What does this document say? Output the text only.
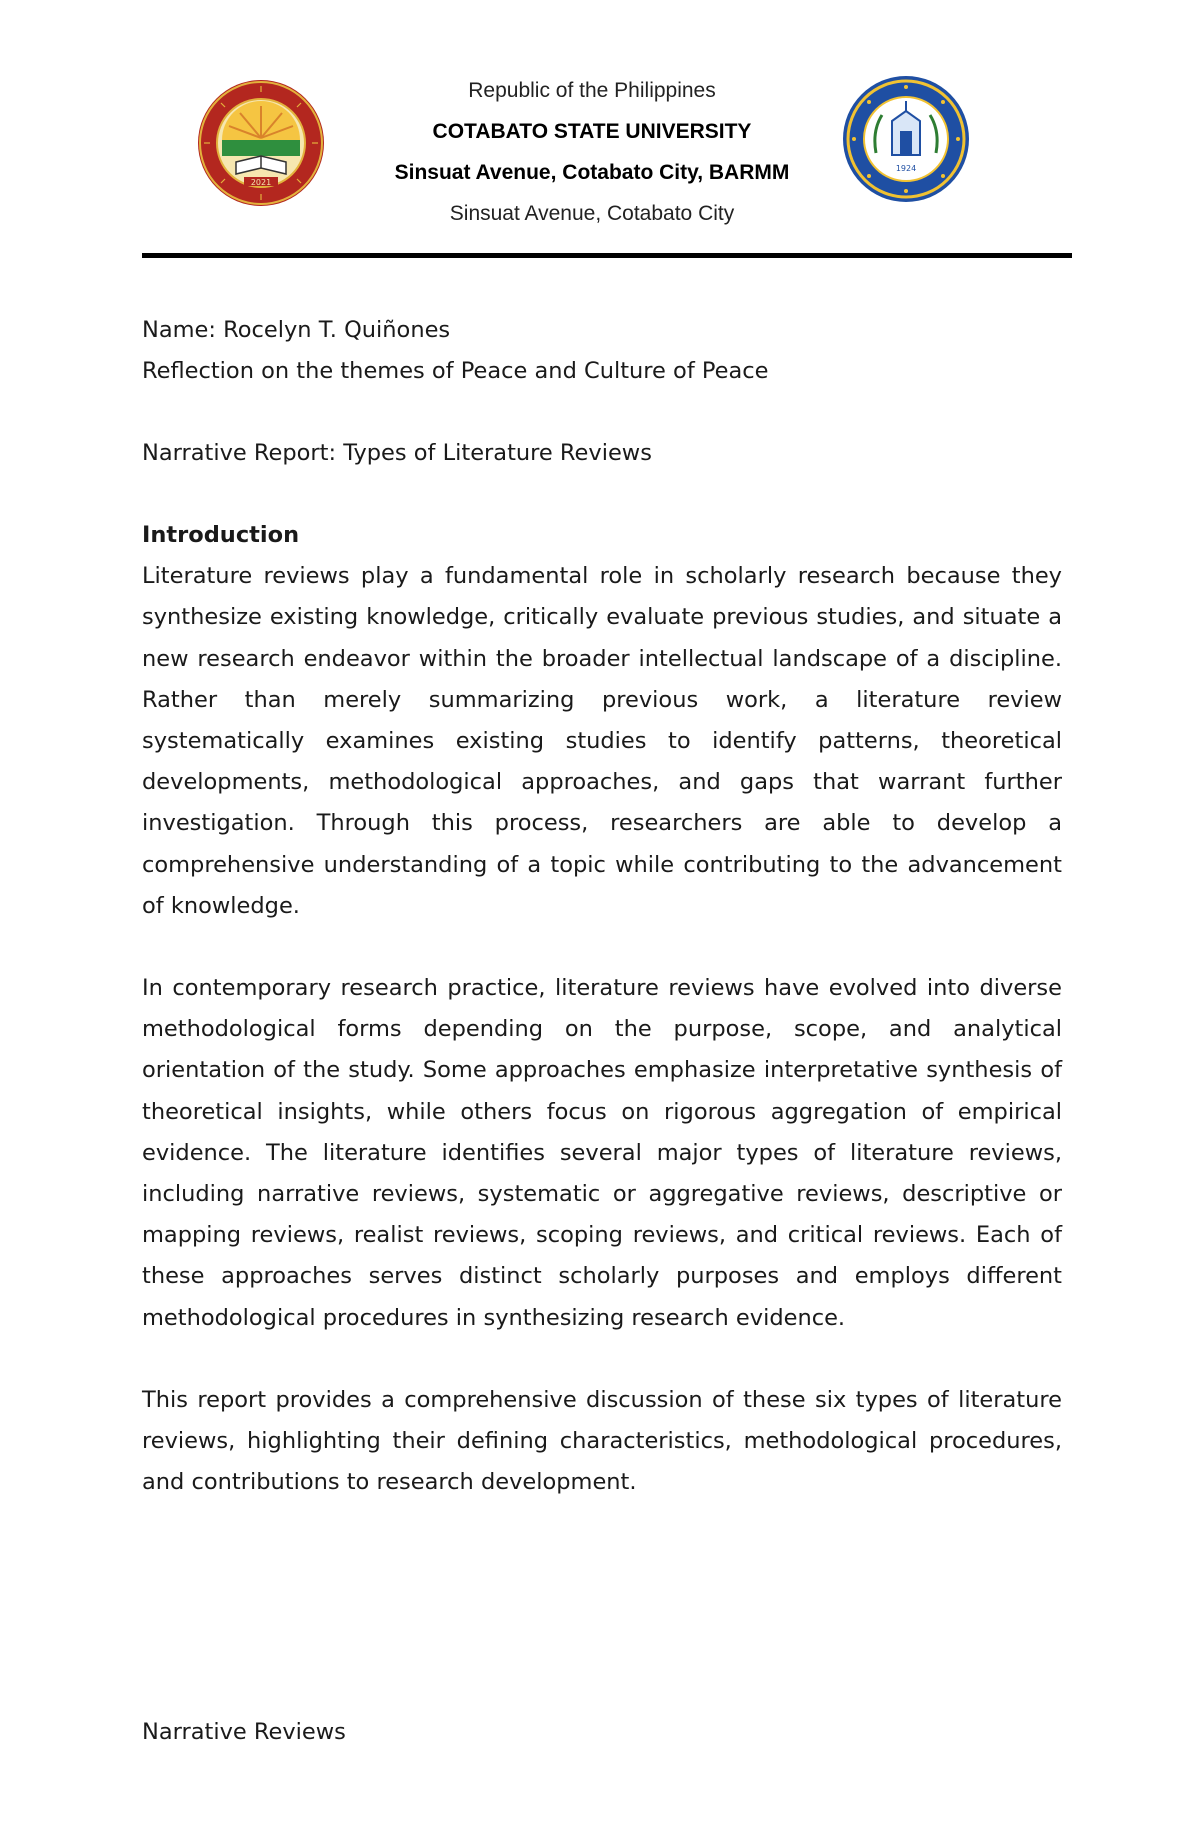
2021
Republic of the Philippines
COTABATO STATE UNIVERSITY
Sinsuat Avenue, Cotabato City, BARMM
Sinsuat Avenue, Cotabato City
1924
Name: Rocelyn T. Quiñones
Reflection on the themes of Peace and Culture of Peace
Narrative Report: Types of Literature Reviews
Introduction

Literature reviews play a fundamental role in scholarly research because they synthesize existing knowledge, critically evaluate previous studies, and situate a new research endeavor within the broader intellectual landscape of a discipline. Rather than merely summarizing previous work, a literature review systematically examines existing studies to identify patterns, theoretical developments, methodological approaches, and gaps that warrant further investigation. Through this process, researchers are able to develop a comprehensive understanding of a topic while contributing to the advancement of knowledge.

In contemporary research practice, literature reviews have evolved into diverse methodological forms depending on the purpose, scope, and analytical orientation of the study. Some approaches emphasize interpretative synthesis of theoretical insights, while others focus on rigorous aggregation of empirical evidence. The literature identifies several major types of literature reviews, including narrative reviews, systematic or aggregative reviews, descriptive or mapping reviews, realist reviews, scoping reviews, and critical reviews. Each of these approaches serves distinct scholarly purposes and employs different methodological procedures in synthesizing research evidence.

This report provides a comprehensive discussion of these six types of literature reviews, highlighting their defining characteristics, methodological procedures, and contributions to research development.

Narrative Reviews
